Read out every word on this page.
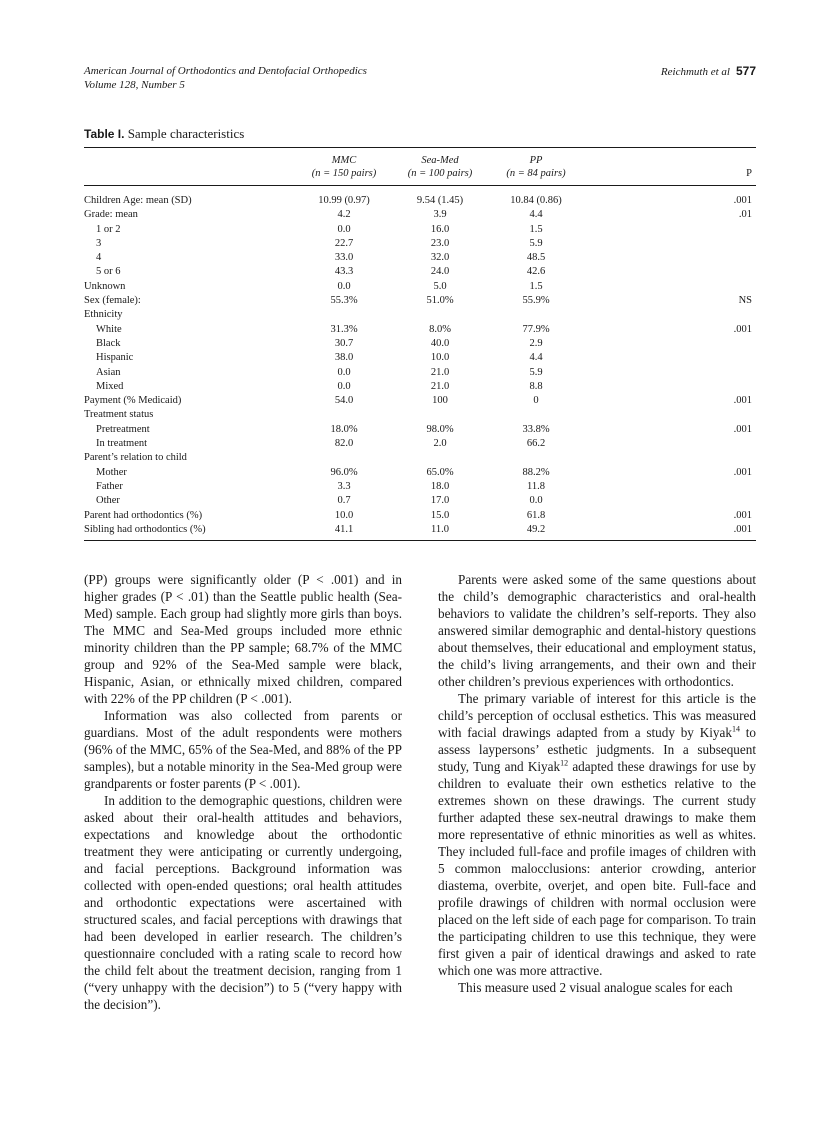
American Journal of Orthodontics and Dentofacial Orthopedics
Volume 128, Number 5
Reichmuth et al 577
Table I. Sample characteristics
	MMC	Sea-Med	PP	
	(n = 150 pairs)	(n = 100 pairs)	(n = 84 pairs)	P

Children Age: mean (SD)	10.99 (0.97)	9.54 (1.45)	10.84 (0.86)	.001
Grade: mean	4.2	3.9	4.4	.01
1 or 2	0.0	16.0	1.5	
3	22.7	23.0	5.9	
4	33.0	32.0	48.5	
5 or 6	43.3	24.0	42.6	
Unknown	0.0	5.0	1.5	
Sex (female):	55.3%	51.0%	55.9%	NS
Ethnicity				
White	31.3%	8.0%	77.9%	.001
Black	30.7	40.0	2.9	
Hispanic	38.0	10.0	4.4	
Asian	0.0	21.0	5.9	
Mixed	0.0	21.0	8.8	
Payment (% Medicaid)	54.0	100	0	.001
Treatment status				
Pretreatment	18.0%	98.0%	33.8%	.001
In treatment	82.0	2.0	66.2	
Parent’s relation to child				
Mother	96.0%	65.0%	88.2%	.001
Father	3.3	18.0	11.8	
Other	0.7	17.0	0.0	
Parent had orthodontics (%)	10.0	15.0	61.8	.001
Sibling had orthodontics (%)	41.1	11.0	49.2	.001

(PP) groups were significantly older (P < .001) and in higher grades (P < .01) than the Seattle public health (Sea-Med) sample. Each group had slightly more girls than boys. The MMC and Sea-Med groups included more ethnic minority children than the PP sample; 68.7% of the MMC group and 92% of the Sea-Med sample were black, Hispanic, Asian, or ethnically mixed children, compared with 22% of the PP children (P < .001).

Information was also collected from parents or guardians. Most of the adult respondents were mothers (96% of the MMC, 65% of the Sea-Med, and 88% of the PP samples), but a notable minority in the Sea-Med group were grandparents or foster parents (P < .001).

In addition to the demographic questions, children were asked about their oral-health attitudes and behaviors, expectations and knowledge about the orthodontic treatment they were anticipating or currently undergoing, and facial perceptions. Background information was collected with open-ended questions; oral health attitudes and orthodontic expectations were ascertained with structured scales, and facial perceptions with drawings that had been developed in earlier research. The children’s questionnaire concluded with a rating scale to record how the child felt about the treatment decision, ranging from 1 (“very unhappy with the decision”) to 5 (“very happy with the decision”).

Parents were asked some of the same questions about the child’s demographic characteristics and oral-health behaviors to validate the children’s self-reports. They also answered similar demographic and dental-history questions about themselves, their educational and employment status, the child’s living arrangements, and their own and their other children’s previous experiences with orthodontics.

The primary variable of interest for this article is the child’s perception of occlusal esthetics. This was measured with facial drawings adapted from a study by Kiyak$^{14}$ to assess laypersons’ esthetic judgments. In a subsequent study, Tung and Kiyak$^{12}$ adapted these drawings for use by children to evaluate their own esthetics relative to the extremes shown on these drawings. The current study further adapted these sex-neutral drawings to make them more representative of ethnic minorities as well as whites. They included full-face and profile images of children with 5 common malocclusions: anterior crowding, anterior diastema, overbite, overjet, and open bite. Full-face and profile drawings of children with normal occlusion were placed on the left side of each page for comparison. To train the participating children to use this technique, they were first given a pair of identical drawings and asked to rate which one was more attractive.

This measure used 2 visual analogue scales for each
